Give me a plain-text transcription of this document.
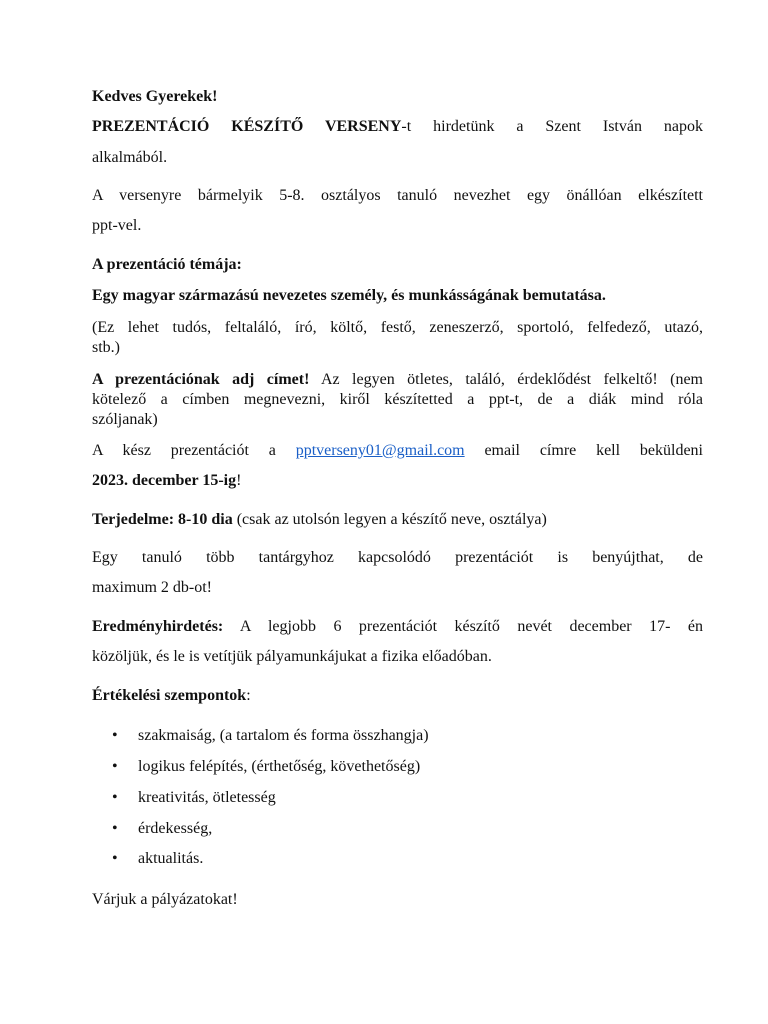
Kedves Gyerekek!
PREZENTÁCIÓ KÉSZÍTŐ VERSENY-t hirdetünk a Szent István napok
alkalmából.
A versenyre bármelyik 5-8. osztályos tanuló nevezhet egy önállóan elkészített
ppt-vel.
A prezentáció témája:
Egy magyar származású nevezetes személy, és munkásságának bemutatása.
(Ez lehet tudós, feltaláló, író, költő, festő, zeneszerző, sportoló, felfedező, utazó,
stb.)
A prezentációnak adj címet! Az legyen ötletes, találó, érdeklődést felkeltő! (nem
kötelező a címben megnevezni, kiről készítetted a ppt-t, de a diák mind róla
szóljanak)
A kész prezentációt a pptverseny01@gmail.com email címre kell beküldeni
2023. december 15-ig!
Terjedelme: 8-10 dia (csak az utolsón legyen a készítő neve, osztálya)
Egy tanuló több tantárgyhoz kapcsolódó prezentációt is benyújthat, de
maximum 2 db-ot!
Eredményhirdetés: A legjobb 6 prezentációt készítő nevét december 17- én
közöljük, és le is vetítjük pályamunkájukat a fizika előadóban.
Értékelési szempontok:
• szakmaiság, (a tartalom és forma összhangja)
• logikus felépítés, (érthetőség, követhetőség)
• kreativitás, ötletesség
• érdekesség,
• aktualitás.
Várjuk a pályázatokat!
